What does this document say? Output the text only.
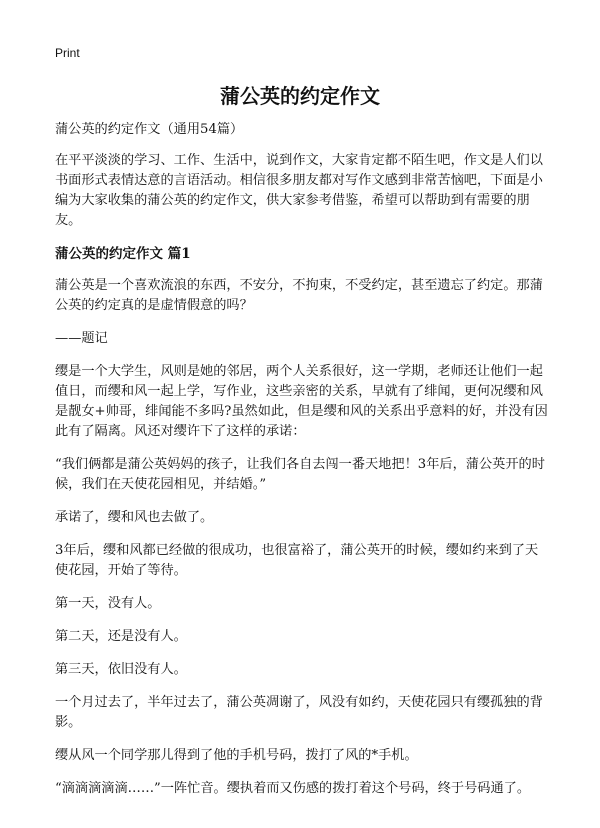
Print
蒲公英的约定作文

蒲公英的约定作文（通用54篇）

在平平淡淡的学习、工作、生活中，说到作文，大家肯定都不陌生吧，作文是人们以书面形式表情达意的言语活动。相信很多朋友都对写作文感到非常苦恼吧，下面是小编为大家收集的蒲公英的约定作文，供大家参考借鉴，希望可以帮助到有需要的朋友。

蒲公英的约定作文 篇1

蒲公英是一个喜欢流浪的东西，不安分，不拘束，不受约定，甚至遗忘了约定。那蒲公英的约定真的是虚情假意的吗？

——题记

缨是一个大学生，风则是她的邻居，两个人关系很好，这一学期，老师还让他们一起值日，而缨和风一起上学，写作业，这些亲密的关系，早就有了绯闻，更何况缨和风是靓女+帅哥，绯闻能不多吗?虽然如此，但是缨和风的关系出乎意料的好，并没有因此有了隔离。风还对缨许下了这样的承诺：

“我们俩都是蒲公英妈妈的孩子，让我们各自去闯一番天地把！3年后，蒲公英开的时候，我们在天使花园相见，并结婚。”

承诺了，缨和风也去做了。

3年后，缨和风都已经做的很成功，也很富裕了，蒲公英开的时候，缨如约来到了天使花园，开始了等待。

第一天，没有人。

第二天，还是没有人。

第三天，依旧没有人。

一个月过去了，半年过去了，蒲公英凋谢了，风没有如约，天使花园只有缨孤独的背影。

缨从风一个同学那儿得到了他的手机号码，拨打了风的*手机。

“滴滴滴滴滴……”一阵忙音。缨执着而又伤感的拨打着这个号码，终于号码通了。
